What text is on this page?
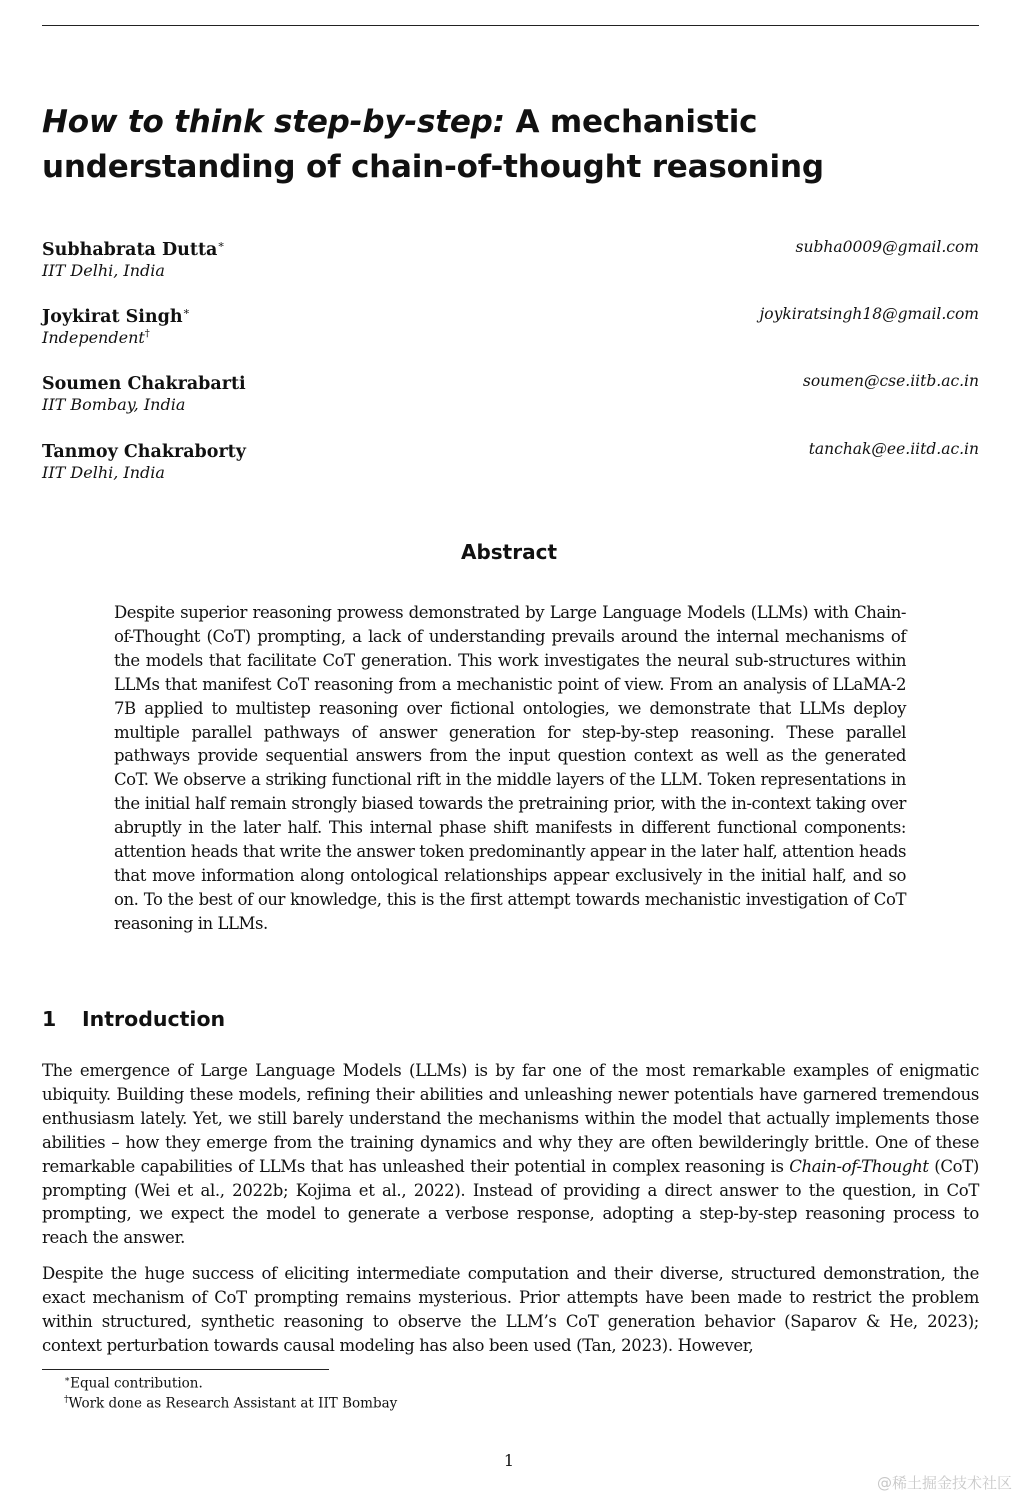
How to think step-by-step: A mechanistic understanding of chain-of-thought reasoning
Subhabrata Dutta∗
IIT Delhi, India
subha0009@gmail.com
Joykirat Singh∗
Independent†
joykiratsingh18@gmail.com
Soumen Chakrabarti
IIT Bombay, India
soumen@cse.iitb.ac.in
Tanmoy Chakraborty
IIT Delhi, India
tanchak@ee.iitd.ac.in
Abstract

Despite superior reasoning prowess demonstrated by Large Language Models (LLMs) with Chain-of-Thought (CoT) prompting, a lack of understanding prevails around the internal mechanisms of the models that facilitate CoT generation. This work investigates the neural sub-structures within LLMs that manifest CoT reasoning from a mechanistic point of view. From an analysis of LLaMA-2 7B applied to multistep reasoning over fictional ontologies, we demonstrate that LLMs deploy multiple parallel pathways of answer generation for step-by-step reasoning. These parallel pathways provide sequential answers from the input question context as well as the generated CoT. We observe a striking functional rift in the middle layers of the LLM. Token representations in the initial half remain strongly biased towards the pretraining prior, with the in-context taking over abruptly in the later half. This internal phase shift manifests in different functional components: attention heads that write the answer token predominantly appear in the later half, attention heads that move information along ontological relationships appear exclusively in the initial half, and so on. To the best of our knowledge, this is the first attempt towards mechanistic investigation of CoT reasoning in LLMs.

1 Introduction

The emergence of Large Language Models (LLMs) is by far one of the most remarkable examples of enigmatic ubiquity. Building these models, refining their abilities and unleashing newer potentials have garnered tremendous enthusiasm lately. Yet, we still barely understand the mechanisms within the model that actually implements those abilities – how they emerge from the training dynamics and why they are often bewilderingly brittle. One of these remarkable capabilities of LLMs that has unleashed their potential in complex reasoning is Chain-of-Thought (CoT) prompting (Wei et al., 2022b; Kojima et al., 2022). Instead of providing a direct answer to the question, in CoT prompting, we expect the model to generate a verbose response, adopting a step-by-step reasoning process to reach the answer.

Despite the huge success of eliciting intermediate computation and their diverse, structured demonstration, the exact mechanism of CoT prompting remains mysterious. Prior attempts have been made to restrict the problem within structured, synthetic reasoning to observe the LLM’s CoT generation behavior (Saparov & He, 2023); context perturbation towards causal modeling has also been used (Tan, 2023). However,

∗Equal contribution.
†Work done as Research Assistant at IIT Bombay
1
@稀土掘金技术社区
